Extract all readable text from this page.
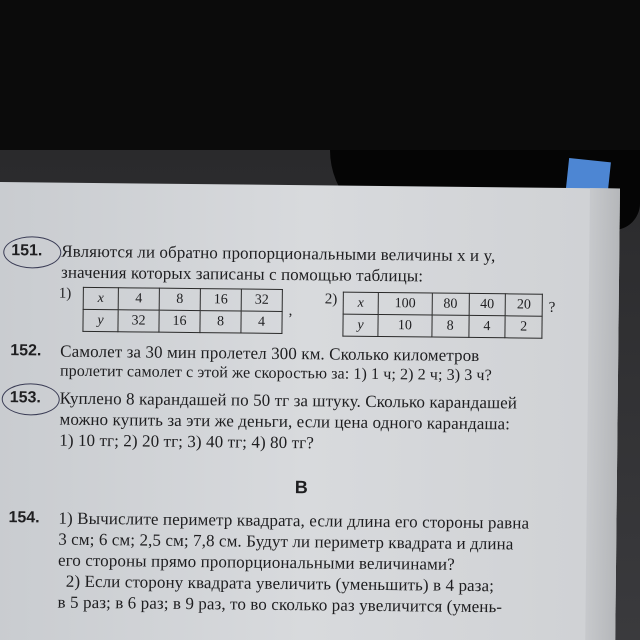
151. Являются ли обратно пропорциональными величины x и y,
значения которых записаны с помощью таблицы:
1) x	4	8	16	32
y	32	16	8	4
,
2) x	100	80	40	20
y	10	8	4	2
?
152. Самолет за 30 мин пролетел 300 км. Сколько километров
пролетит самолет с этой же скоростью за: 1) 1 ч; 2) 2 ч; 3) 3 ч?
153. Куплено 8 карандашей по 50 тг за штуку. Сколько карандашей
можно купить за эти же деньги, если цена одного карандаша:
1) 10 тг; 2) 20 тг; 3) 40 тг; 4) 80 тг?
B
154. 1) Вычислите периметр квадрата, если длина его стороны равна
3 см; 6 см; 2,5 см; 7,8 см. Будут ли периметр квадрата и длина
его стороны прямо пропорциональными величинами?
2) Если сторону квадрата увеличить (уменьшить) в 4 раза;
в 5 раз; в 6 раз; в 9 раз, то во сколько раз увеличится (умень-
